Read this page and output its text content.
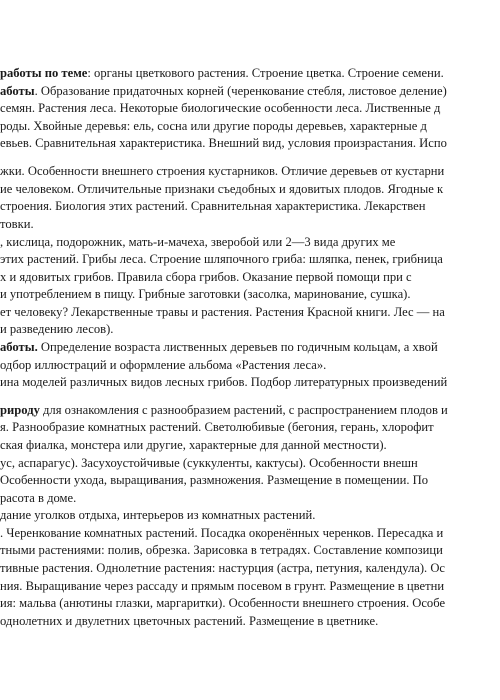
работы по теме: органы цветкового растения. Строение цветка. Строение семени.
аботы. Образование придаточных корней (черенкование стебля, листовое деление)
семян. Растения леса. Некоторые биологические особенности леса. Лиственные д
роды. Хвойные деревья: ель, сосна или другие породы деревьев, характерные д
евьев. Сравнительная характеристика. Внешний вид, условия произрастания. Испо
жки. Особенности внешнего строения кустарников. Отличие деревьев от кустарни
ие человеком. Отличительные признаки съедобных и ядовитых плодов. Ягодные к
строения. Биология этих растений. Сравнительная характеристика. Лекарствен
товки.
, кислица, подорожник, мать-и-мачеха, зверобой или 2—3 вида других ме
этих растений. Грибы леса. Строение шляпочного гриба: шляпка, пенек, грибница
х и ядовитых грибов. Правила сбора грибов. Оказание первой помощи при с
и употреблением в пищу. Грибные заготовки (засолка, маринование, сушка).
ет человеку? Лекарственные травы и растения. Растения Красной книги. Лес — на
и разведению лесов).
аботы. Определение возраста лиственных деревьев по годичным кольцам, а хвой
одбор иллюстраций и оформление альбома «Растения леса».
ина моделей различных видов лесных грибов. Подбор литературных произведений
рироду для ознакомления с разнообразием растений, с распространением плодов и
я. Разнообразие комнатных растений. Светолюбивые (бегония, герань, хлорофит
ская фиалка, монстера или другие, характерные для данной местности).
ус, аспарагус). Засухоустойчивые (суккуленты, кактусы). Особенности внешн
Особенности ухода, выращивания, размножения. Размещение в помещении. По
расота в доме.
дание уголков отдыха, интерьеров из комнатных растений.
. Черенкование комнатных растений. Посадка окоренённых черенков. Пересадка и
тными растениями: полив, обрезка. Зарисовка в тетрадях. Составление композици
тивные растения. Однолетние растения: настурция (астра, петуния, календула). Ос
ния. Выращивание через рассаду и прямым посевом в грунт. Размещение в цветни
ия: мальва (анютины глазки, маргаритки). Особенности внешнего строения. Особе
однолетних и двулетних цветочных растений. Размещение в цветнике.
